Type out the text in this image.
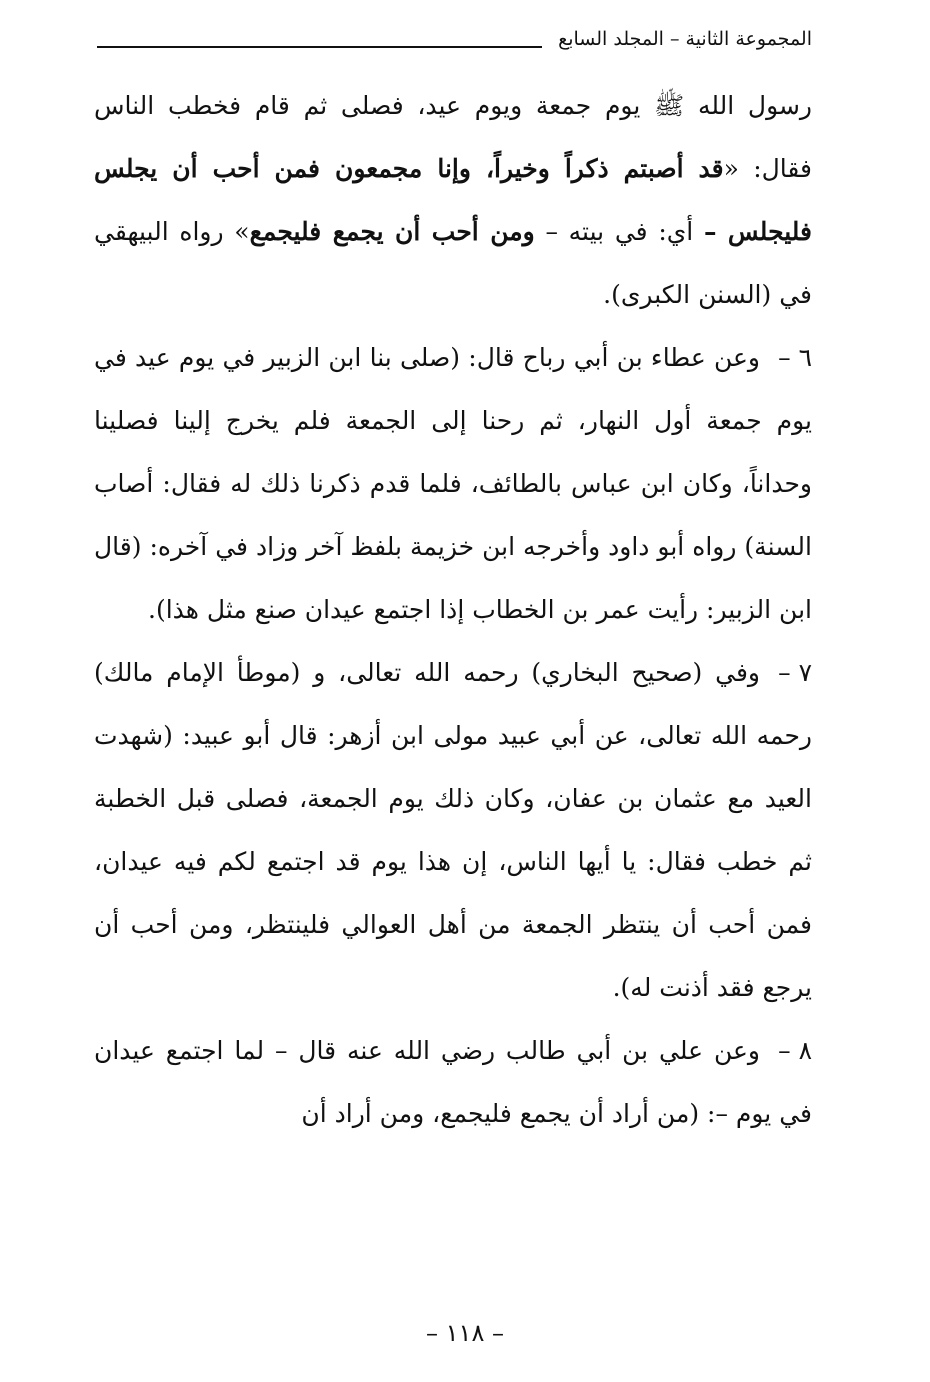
المجموعة الثانية – المجلد السابع

رسول الله ﷺ يوم جمعة ويوم عيد، فصلى ثم قام فخطب الناس فقال: «قد أصبتم ذكراً وخيراً، وإنا مجمعون فمن أحب أن يجلس فليجلس – أي: في بيته – ومن أحب أن يجمع فليجمع» رواه البيهقي في (السنن الكبرى).

٦ –وعن عطاء بن أبي رباح قال: (صلى بنا ابن الزبير في يوم عيد في يوم جمعة أول النهار، ثم رحنا إلى الجمعة فلم يخرج إلينا فصلينا وحداناً، وكان ابن عباس بالطائف، فلما قدم ذكرنا ذلك له فقال: أصاب السنة) رواه أبو داود وأخرجه ابن خزيمة بلفظ آخر وزاد في آخره: (قال ابن الزبير: رأيت عمر بن الخطاب إذا اجتمع عيدان صنع مثل هذا).

٧ –وفي (صحيح البخاري) رحمه الله تعالى، و (موطأ الإمام مالك) رحمه الله تعالى، عن أبي عبيد مولى ابن أزهر: قال أبو عبيد: (شهدت العيد مع عثمان بن عفان، وكان ذلك يوم الجمعة، فصلى قبل الخطبة ثم خطب فقال: يا أيها الناس، إن هذا يوم قد اجتمع لكم فيه عيدان، فمن أحب أن ينتظر الجمعة من أهل العوالي فلينتظر، ومن أحب أن يرجع فقد أذنت له).

٨ –وعن علي بن أبي طالب رضي الله عنه قال – لما اجتمع عيدان في يوم –: (من أراد أن يجمع فليجمع، ومن أراد أن

– ١١٨ –
